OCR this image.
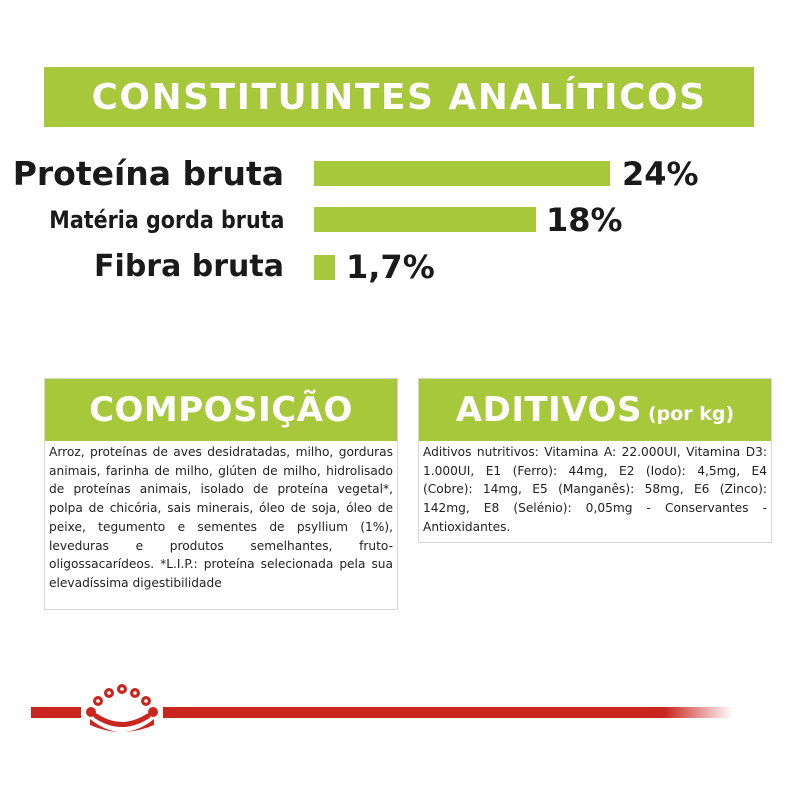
CONSTITUINTES ANALÍTICOS
Proteína bruta	24%
Matéria gorda bruta	18%
Fibra bruta 1,7%
COMPOSIÇÃO
Arroz, proteínas de aves desidratadas, milho, gorduras animais, farinha de milho, glúten de milho, hidrolisado de proteínas animais, isolado de proteína vegetal*, polpa de chicória, sais minerais, óleo de soja, óleo de peixe, tegumento e sementes de psyllium (1%), leveduras e produtos semelhantes, fruto-oligossacarídeos. *L.I.P.: proteína selecionada pela sua elevadíssima digestibilidade
ADITIVOS (por kg)
Aditivos nutritivos: Vitamina A: 22.000UI, Vitamina D3: 1.000UI, E1 (Ferro): 44mg, E2 (Iodo): 4,5mg, E4 (Cobre): 14mg, E5 (Manganês): 58mg, E6 (Zinco): 142mg, E8 (Selénio): 0,05mg - Conservantes - Antioxidantes.
